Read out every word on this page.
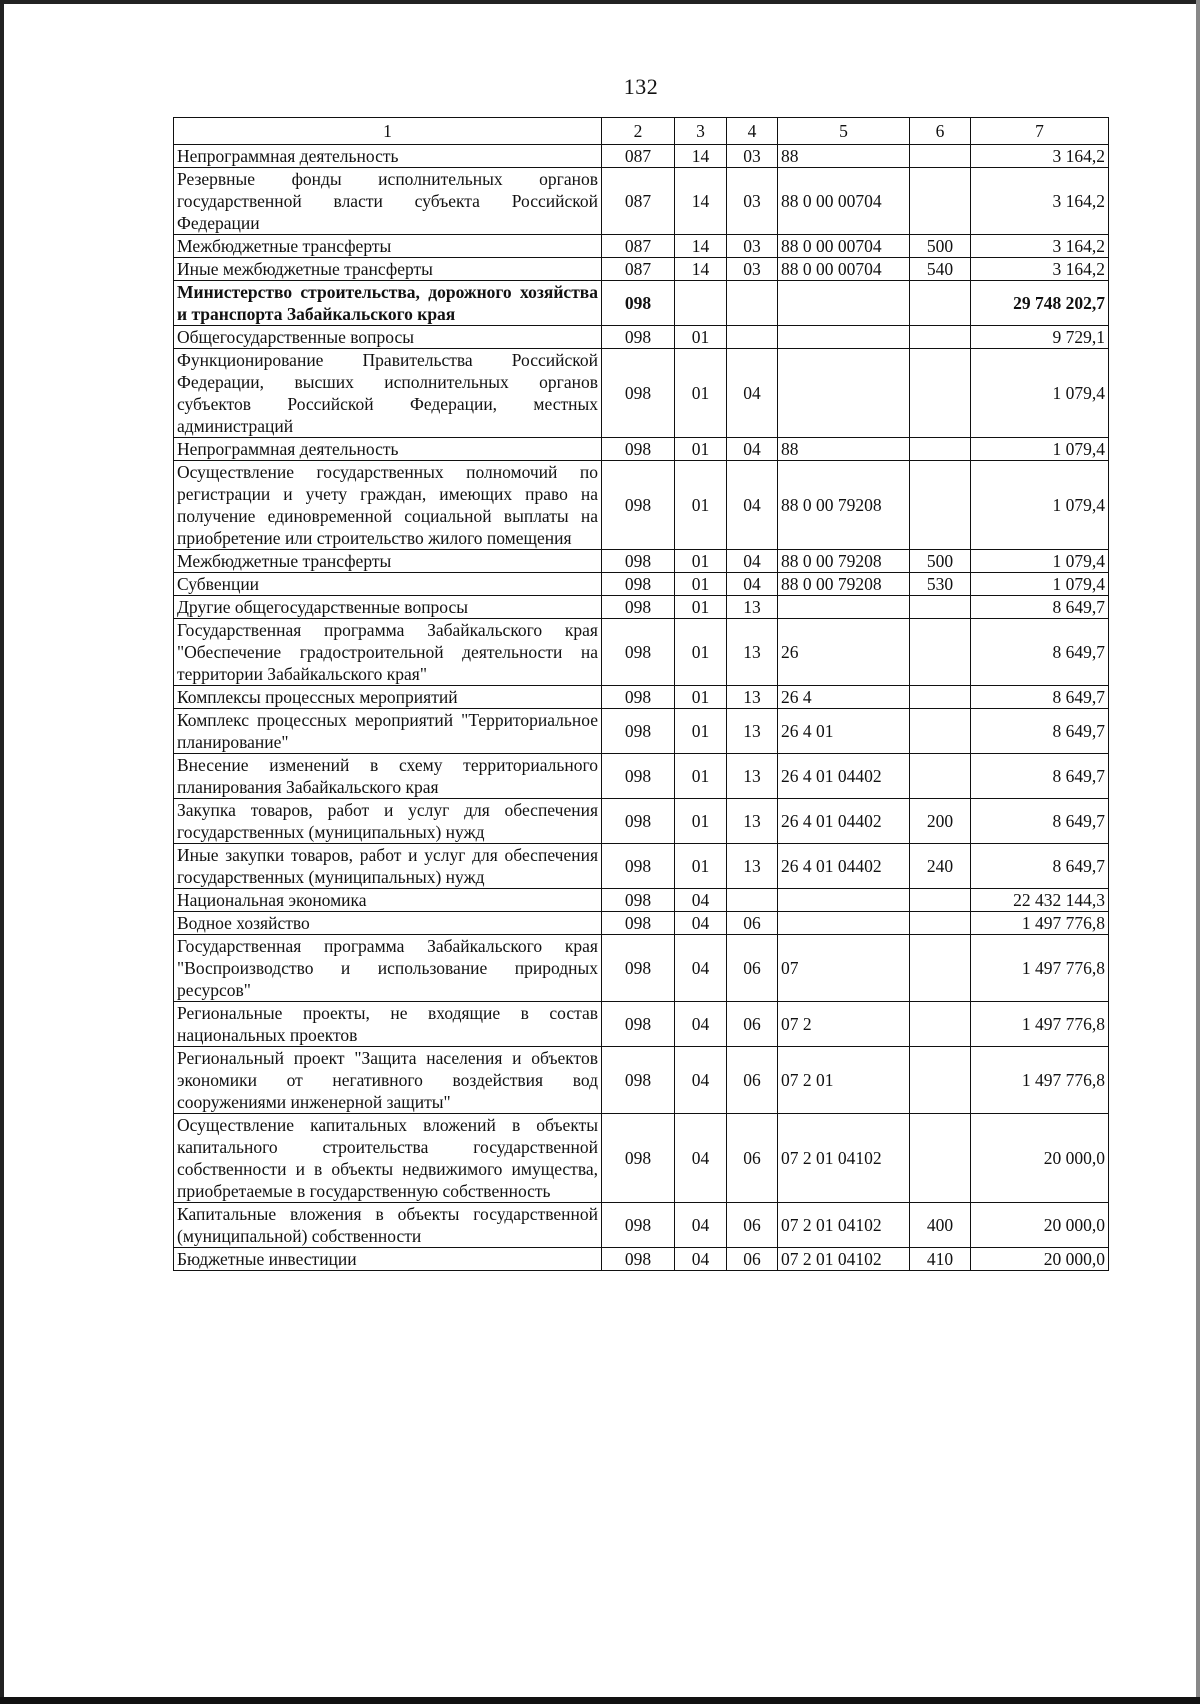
132
1	2	3	4	5	6	7
Непрограммная деятельность	087	14	03	88		3 164,2
Резервные фонды исполнительных органов государственной власти субъекта Российской Федерации	087	14	03	88 0 00 00704		3 164,2
Межбюджетные трансферты	087	14	03	88 0 00 00704	500	3 164,2
Иные межбюджетные трансферты	087	14	03	88 0 00 00704	540	3 164,2
Министерство строительства, дорожного хозяйства и транспорта Забайкальского края	098					29 748 202,7
Общегосударственные вопросы	098	01				9 729,1
Функционирование Правительства Российской Федерации, высших исполнительных органов субъектов Российской Федерации, местных администраций	098	01	04			1 079,4
Непрограммная деятельность	098	01	04	88		1 079,4
Осуществление государственных полномочий по регистрации и учету граждан, имеющих право на получение единовременной социальной выплаты на приобретение или строительство жилого помещения	098	01	04	88 0 00 79208		1 079,4
Межбюджетные трансферты	098	01	04	88 0 00 79208	500	1 079,4
Субвенции	098	01	04	88 0 00 79208	530	1 079,4
Другие общегосударственные вопросы	098	01	13			8 649,7
Государственная программа Забайкальского края "Обеспечение градостроительной деятельности на территории Забайкальского края"	098	01	13	26		8 649,7
Комплексы процессных мероприятий	098	01	13	26 4		8 649,7
Комплекс процессных мероприятий "Территориальное планирование"	098	01	13	26 4 01		8 649,7
Внесение изменений в схему территориального планирования Забайкальского края	098	01	13	26 4 01 04402		8 649,7
Закупка товаров, работ и услуг для обеспечения государственных (муниципальных) нужд	098	01	13	26 4 01 04402	200	8 649,7
Иные закупки товаров, работ и услуг для обеспечения государственных (муниципальных) нужд	098	01	13	26 4 01 04402	240	8 649,7
Национальная экономика	098	04				22 432 144,3
Водное хозяйство	098	04	06			1 497 776,8
Государственная программа Забайкальского края "Воспроизводство и использование природных ресурсов"	098	04	06	07		1 497 776,8
Региональные проекты, не входящие в состав национальных проектов	098	04	06	07 2		1 497 776,8
Региональный проект "Защита населения и объектов экономики от негативного воздействия вод сооружениями инженерной защиты"	098	04	06	07 2 01		1 497 776,8
Осуществление капитальных вложений в объекты капитального строительства государственной собственности и в объекты недвижимого имущества, приобретаемые в государственную собственность	098	04	06	07 2 01 04102		20 000,0
Капитальные вложения в объекты государственной (муниципальной) собственности	098	04	06	07 2 01 04102	400	20 000,0
Бюджетные инвестиции	098	04	06	07 2 01 04102	410	20 000,0
